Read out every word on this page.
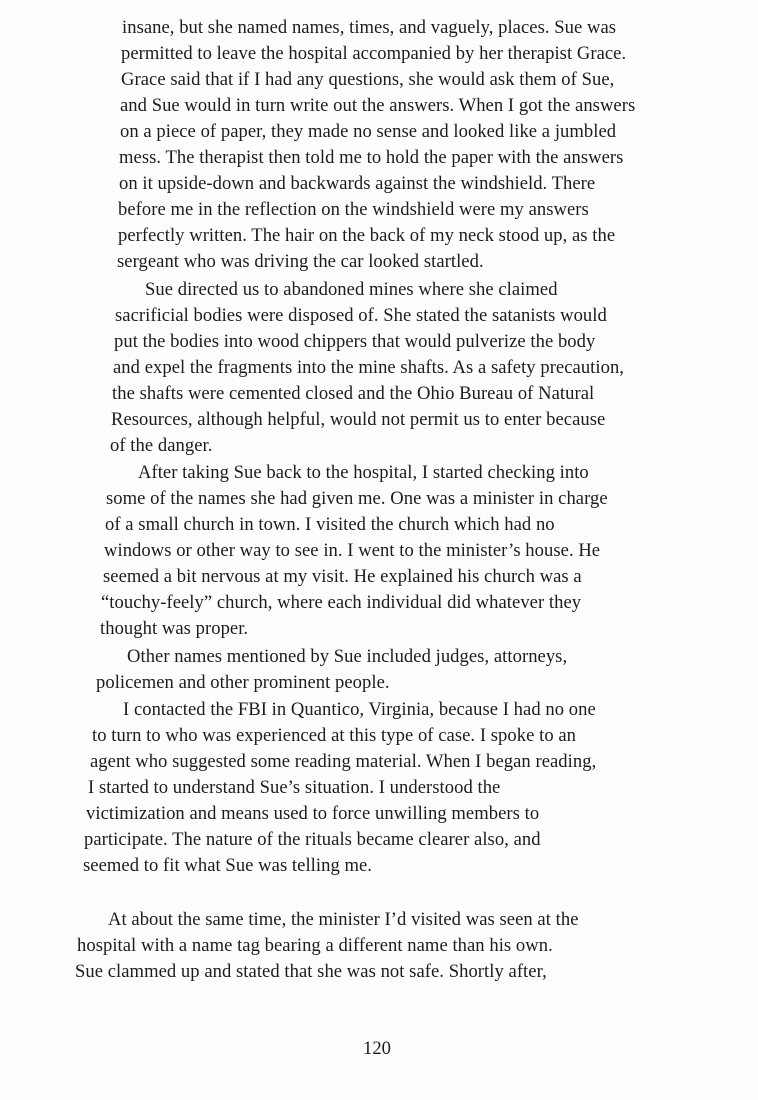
insane, but she named names, times, and vaguely, places. Sue was
permitted to leave the hospital accompanied by her therapist Grace.
Grace said that if I had any questions, she would ask them of Sue,
and Sue would in turn write out the answers. When I got the answers
on a piece of paper, they made no sense and looked like a jumbled
mess. The therapist then told me to hold the paper with the answers
on it upside-down and backwards against the windshield. There
before me in the reflection on the windshield were my answers
perfectly written. The hair on the back of my neck stood up, as the
sergeant who was driving the car looked startled.
Sue directed us to abandoned mines where she claimed
sacrificial bodies were disposed of. She stated the satanists would
put the bodies into wood chippers that would pulverize the body
and expel the fragments into the mine shafts. As a safety precaution,
the shafts were cemented closed and the Ohio Bureau of Natural
Resources, although helpful, would not permit us to enter because
of the danger.
After taking Sue back to the hospital, I started checking into
some of the names she had given me. One was a minister in charge
of a small church in town. I visited the church which had no
windows or other way to see in. I went to the minister’s house. He
seemed a bit nervous at my visit. He explained his church was a
“touchy-feely” church, where each individual did whatever they
thought was proper.
Other names mentioned by Sue included judges, attorneys,
policemen and other prominent people.
I contacted the FBI in Quantico, Virginia, because I had no one
to turn to who was experienced at this type of case. I spoke to an
agent who suggested some reading material. When I began reading,
I started to understand Sue’s situation. I understood the
victimization and means used to force unwilling members to
participate. The nature of the rituals became clearer also, and
seemed to fit what Sue was telling me.
At about the same time, the minister I’d visited was seen at the
hospital with a name tag bearing a different name than his own.
Sue clammed up and stated that she was not safe. Shortly after,
120
